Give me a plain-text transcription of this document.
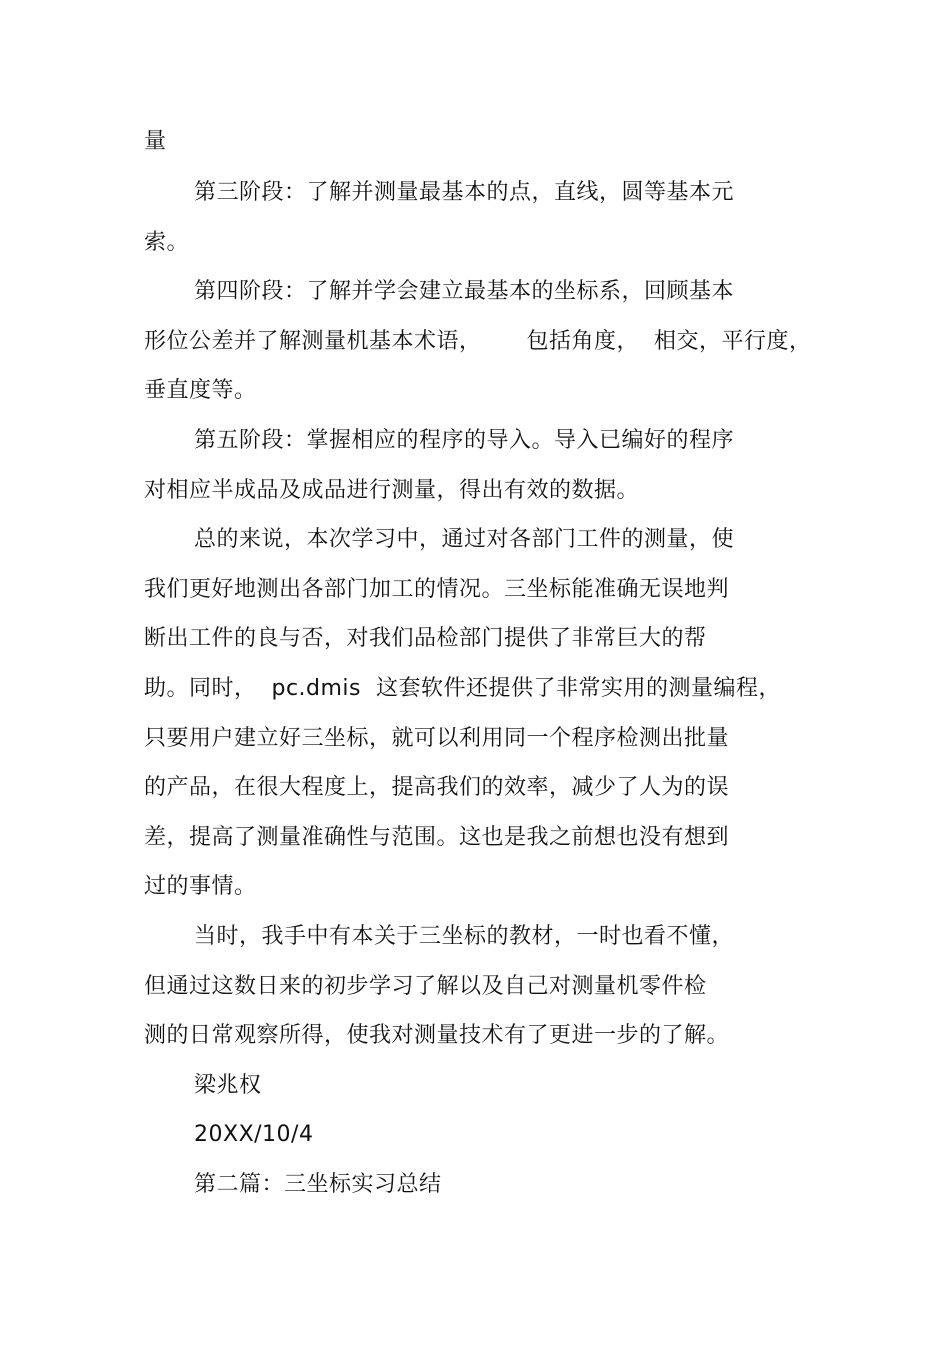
量
第三阶段：了解并测量最基本的点，直线，圆等基本元
索。
第四阶段：了解并学会建立最基本的坐标系，回顾基本
形位公差并了解测量机基本术语，      包括角度，  相交，平行度，
垂直度等。
第五阶段：掌握相应的程序的导入。导入已编好的程序
对相应半成品及成品进行测量，得出有效的数据。
总的来说，本次学习中，通过对各部门工件的测量，使
我们更好地测出各部门加工的情况。三坐标能准确无误地判
断出工件的良与否，对我们品检部门提供了非常巨大的帮
助。同时，  pc.dmis  这套软件还提供了非常实用的测量编程，
只要用户建立好三坐标，就可以利用同一个程序检测出批量
的产品，在很大程度上，提高我们的效率，减少了人为的误
差，提高了测量准确性与范围。这也是我之前想也没有想到
过的事情。
当时，我手中有本关于三坐标的教材，一时也看不懂，
但通过这数日来的初步学习了解以及自己对测量机零件检
测的日常观察所得，使我对测量技术有了更进一步的了解。
梁兆权
20XX/10/4
第二篇：三坐标实习总结
